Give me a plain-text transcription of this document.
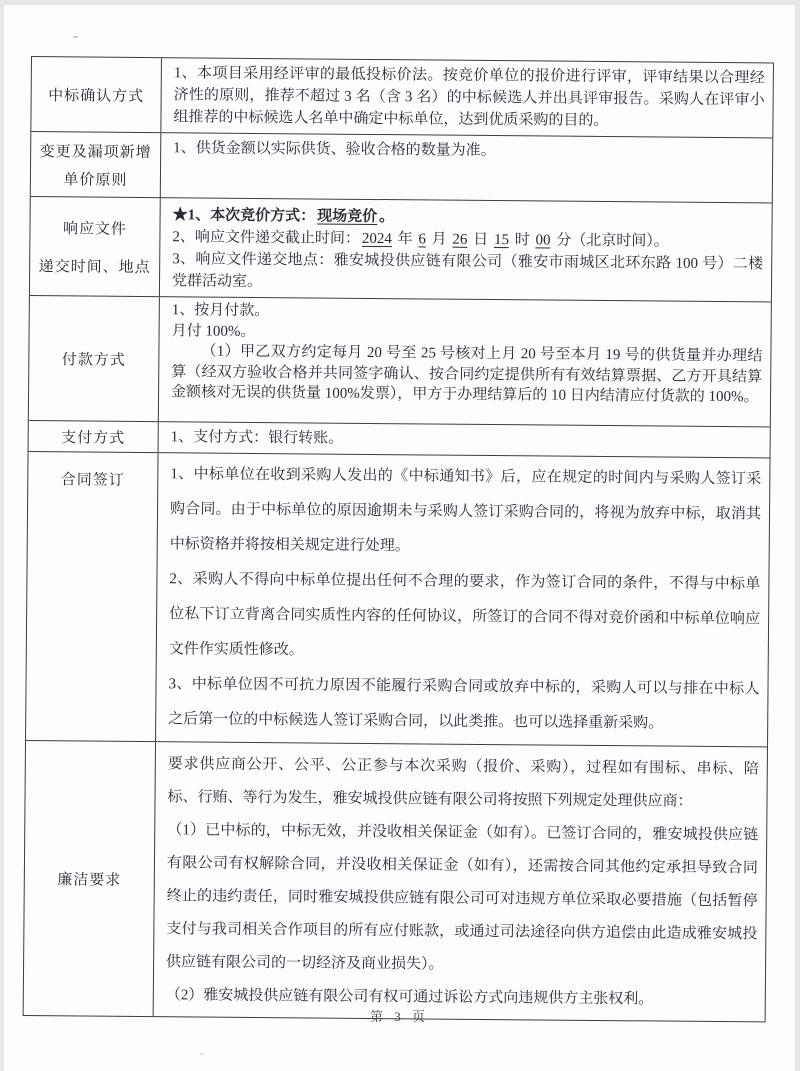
中标确认方式

1、本项目采用经评审的最低投标价法。按竞价单位的报价进行评审，评审结果以合理经济性的原则，推荐不超过 3 名（含 3 名）的中标候选人并出具评审报告。采购人在评审小组推荐的中标候选人名单中确定中标单位，达到优质采购的目的。

变更及漏项新增
单价原则

1、供货金额以实际供货、验收合格的数量为准。

响应文件
递交时间、地点

★1、本次竞价方式： 现场竞价 。

2、响应文件递交截止时间： 2024 年 6 月 26 日 15 时 00 分（北京时间）。

3、响应文件递交地点：雅安城投供应链有限公司（雅安市雨城区北环东路 100 号）二楼党群活动室。

付款方式

1、按月付款。

月付 100%。

（1）甲乙双方约定每月 20 号至 25 号核对上月 20 号至本月 19 号的供货量并办理结算（经双方验收合格并共同签字确认、按合同约定提供所有有效结算票据、乙方开具结算金额核对无误的供货量 100%发票），甲方于办理结算后的 10 日内结清应付货款的 100%。

支付方式	1、支付方式：银行转账。

合同签订	1、中标单位在收到采购人发出的《中标通知书》后，应在规定的时间内与采购人签订采购合同。由于中标单位的原因逾期未与采购人签订采购合同的，将视为放弃中标，取消其中标资格并将按相关规定进行处理。

2、采购人不得向中标单位提出任何不合理的要求，作为签订合同的条件，不得与中标单位私下订立背离合同实质性内容的任何协议，所签订的合同不得对竞价函和中标单位响应文件作实质性修改。

3、中标单位因不可抗力原因不能履行采购合同或放弃中标的，采购人可以与排在中标人之后第一位的中标候选人签订采购合同，以此类推。也可以选择重新采购。

廉洁要求

要求供应商公开、公平、公正参与本次采购（报价、采购），过程如有围标、串标、陪标、行贿、等行为发生，雅安城投供应链有限公司将按照下列规定处理供应商：

（1）已中标的，中标无效，并没收相关保证金（如有）。已签订合同的，雅安城投供应链有限公司有权解除合同，并没收相关保证金（如有），还需按合同其他约定承担导致合同终止的违约责任，同时雅安城投供应链有限公司可对违规方单位采取必要措施（包括暂停支付与我司相关合作项目的所有应付账款，或通过司法途径向供方追偿由此造成雅安城投供应链有限公司的一切经济及商业损失）。

（2）雅安城投供应链有限公司有权可通过诉讼方式向违规供方主张权利。

第 3 页
